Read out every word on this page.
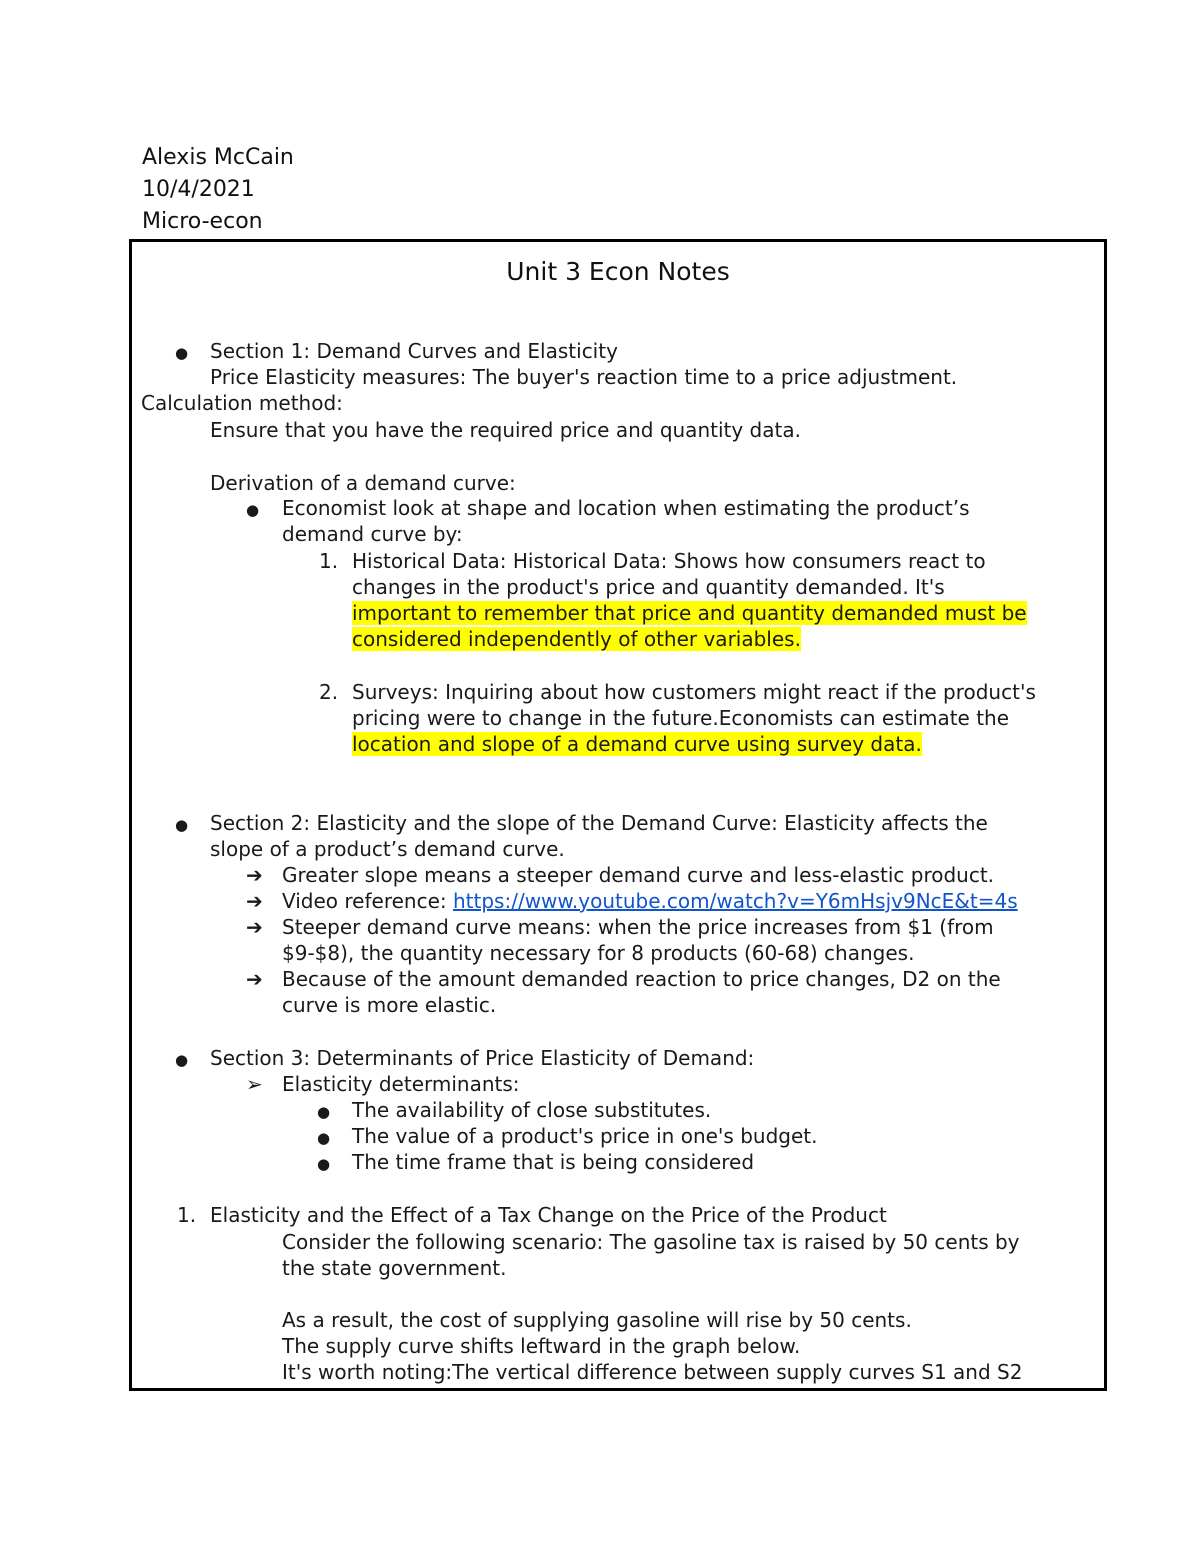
Alexis McCain
10/4/2021
Micro-econ
Unit 3 Econ Notes
● Section 1: Demand Curves and Elasticity
Price Elasticity measures: The buyer's reaction time to a price adjustment.
Calculation method:
Ensure that you have the required price and quantity data.
Derivation of a demand curve:
● Economist look at shape and location when estimating the product’s
demand curve by:
1. Historical Data: Historical Data: Shows how consumers react to
changes in the product's price and quantity demanded. It's
important to remember that price and quantity demanded must be
considered independently of other variables.
2. Surveys: Inquiring about how customers might react if the product's
pricing were to change in the future.Economists can estimate the
location and slope of a demand curve using survey data.
● Section 2: Elasticity and the slope of the Demand Curve: Elasticity affects the
slope of a product’s demand curve.
➔ Greater slope means a steeper demand curve and less-elastic product.
➔ Video reference: https://www.youtube.com/watch?v=Y6mHsjv9NcE&t=4s
➔ Steeper demand curve means: when the price increases from $1 (from
$9-$8), the quantity necessary for 8 products (60-68) changes.
➔ Because of the amount demanded reaction to price changes, D2 on the
curve is more elastic.
● Section 3: Determinants of Price Elasticity of Demand:
➢ Elasticity determinants:
● The availability of close substitutes.
● The value of a product's price in one's budget.
● The time frame that is being considered
1. Elasticity and the Effect of a Tax Change on the Price of the Product
Consider the following scenario: The gasoline tax is raised by 50 cents by
the state government.
As a result, the cost of supplying gasoline will rise by 50 cents.
The supply curve shifts leftward in the graph below.
It's worth noting:The vertical difference between supply curves S1 and S2
